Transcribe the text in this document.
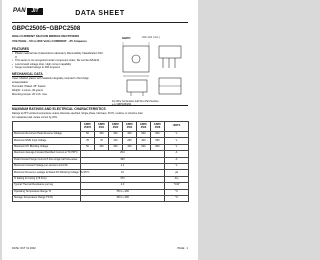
PAN	JIT	DATA SHEET
GBPC25005~GBPC2508
HIGH CURRENT SILICON BRIDGE RECTIFIERS
VOLTAGE - 50 to 800 Volts CURRENT - 25 Amperes
FEATURES
• Plastic material has Underwriters Laboratory Flammability Classification 94V-O
• This series is UL recognized under component index, file number E54214
• Low forward voltage drop, High current capability
• Surge overload ratings to 300 Amperes
MECHANICAL DATA
Case: Molded plastic with heatsink integrally mounted in the bridge encapsulation
Terminals: Plated .25" Faston
Weight: 1 ounce, 30 grams
Mounting torque: 20 in.lb. max.
GBPC	Unit: Inch ( mm )
For Wire Termination Add W to Part Number
MAXIMUM RATINGS AND ELECTRICAL CHARACTERISTICS
Ratings at 25°C ambient temperature unless otherwise specified. Single phase, half wave, 60 Hz, resistive or inductive load.
For capacitive load, derate current by 20%.
	GBPC 25005	GBPC 2501	GBPC 2502	GBPC 2504	GBPC 2506	GBPC 2508	UNITS
Maximum Recurrent Peak Reverse Voltage	50	100	200	400	600	800	V
Maximum RMS Input Voltage	35	70	140	280	420	560	V
Maximum DC Blocking Voltage	50	100	200	400	600	800	V
Maximum Average Forward Rectified Current at TC=55°C	25.0						A
Peak Forward Surge Current 8.3ms single half sine-wave	300						A
Maximum Forward Voltage per element at 12.5A	1.1						V
Maximum Reverse Leakage at Rated DC Blocking Voltage TA=25°C	10						µA
I²t Rating for fusing (t<8.3ms)	373						A²s
Typical Thermal Resistance per leg	2.0						°C/W
Operating Temperature Range TJ	-55 to +150						°C
Storage Temperature Range TSTG	-55 to +150						°C
DATE: OCT 01 2002	PAGE . 1
